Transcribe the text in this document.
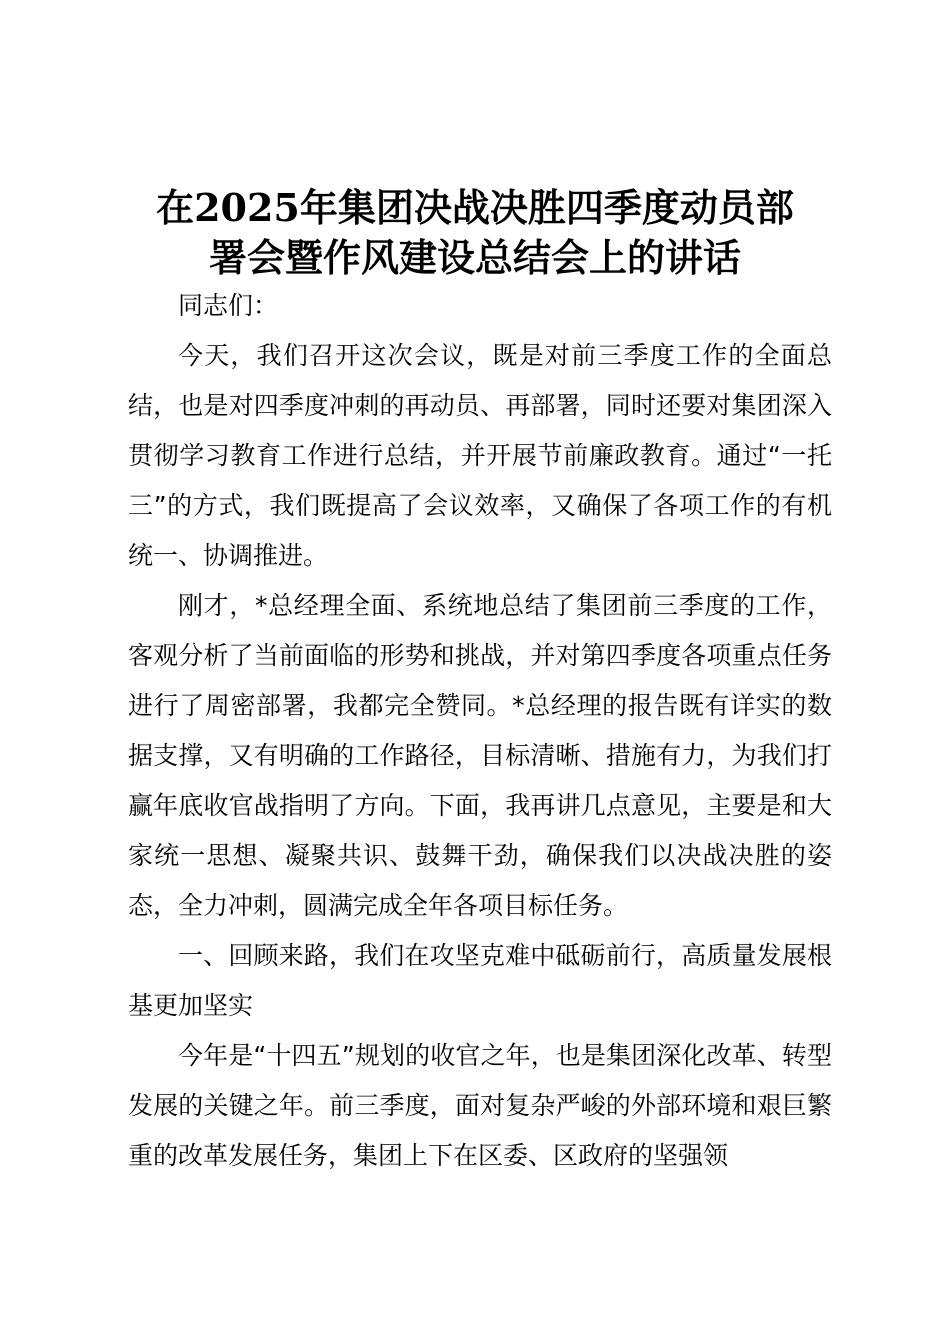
在2025年集团决战决胜四季度动员部
署会暨作风建设总结会上的讲话

同志们：

今天，我们召开这次会议，既是对前三季度工作的全面总结，也是对四季度冲刺的再动员、再部署，同时还要对集团深入贯彻学习教育工作进行总结，并开展节前廉政教育。通过“一托三”的方式，我们既提高了会议效率，又确保了各项工作的有机统一、协调推进。

刚才，*总经理全面、系统地总结了集团前三季度的工作，客观分析了当前面临的形势和挑战，并对第四季度各项重点任务进行了周密部署，我都完全赞同。*总经理的报告既有详实的数据支撑，又有明确的工作路径，目标清晰、措施有力，为我们打赢年底收官战指明了方向。下面，我再讲几点意见，主要是和大家统一思想、凝聚共识、鼓舞干劲，确保我们以决战决胜的姿态，全力冲刺，圆满完成全年各项目标任务。

一、回顾来路，我们在攻坚克难中砥砺前行，高质量发展根基更加坚实

今年是“十四五”规划的收官之年，也是集团深化改革、转型发展的关键之年。前三季度，面对复杂严峻的外部环境和艰巨繁重的改革发展任务，集团上下在区委、区政府的坚强领
